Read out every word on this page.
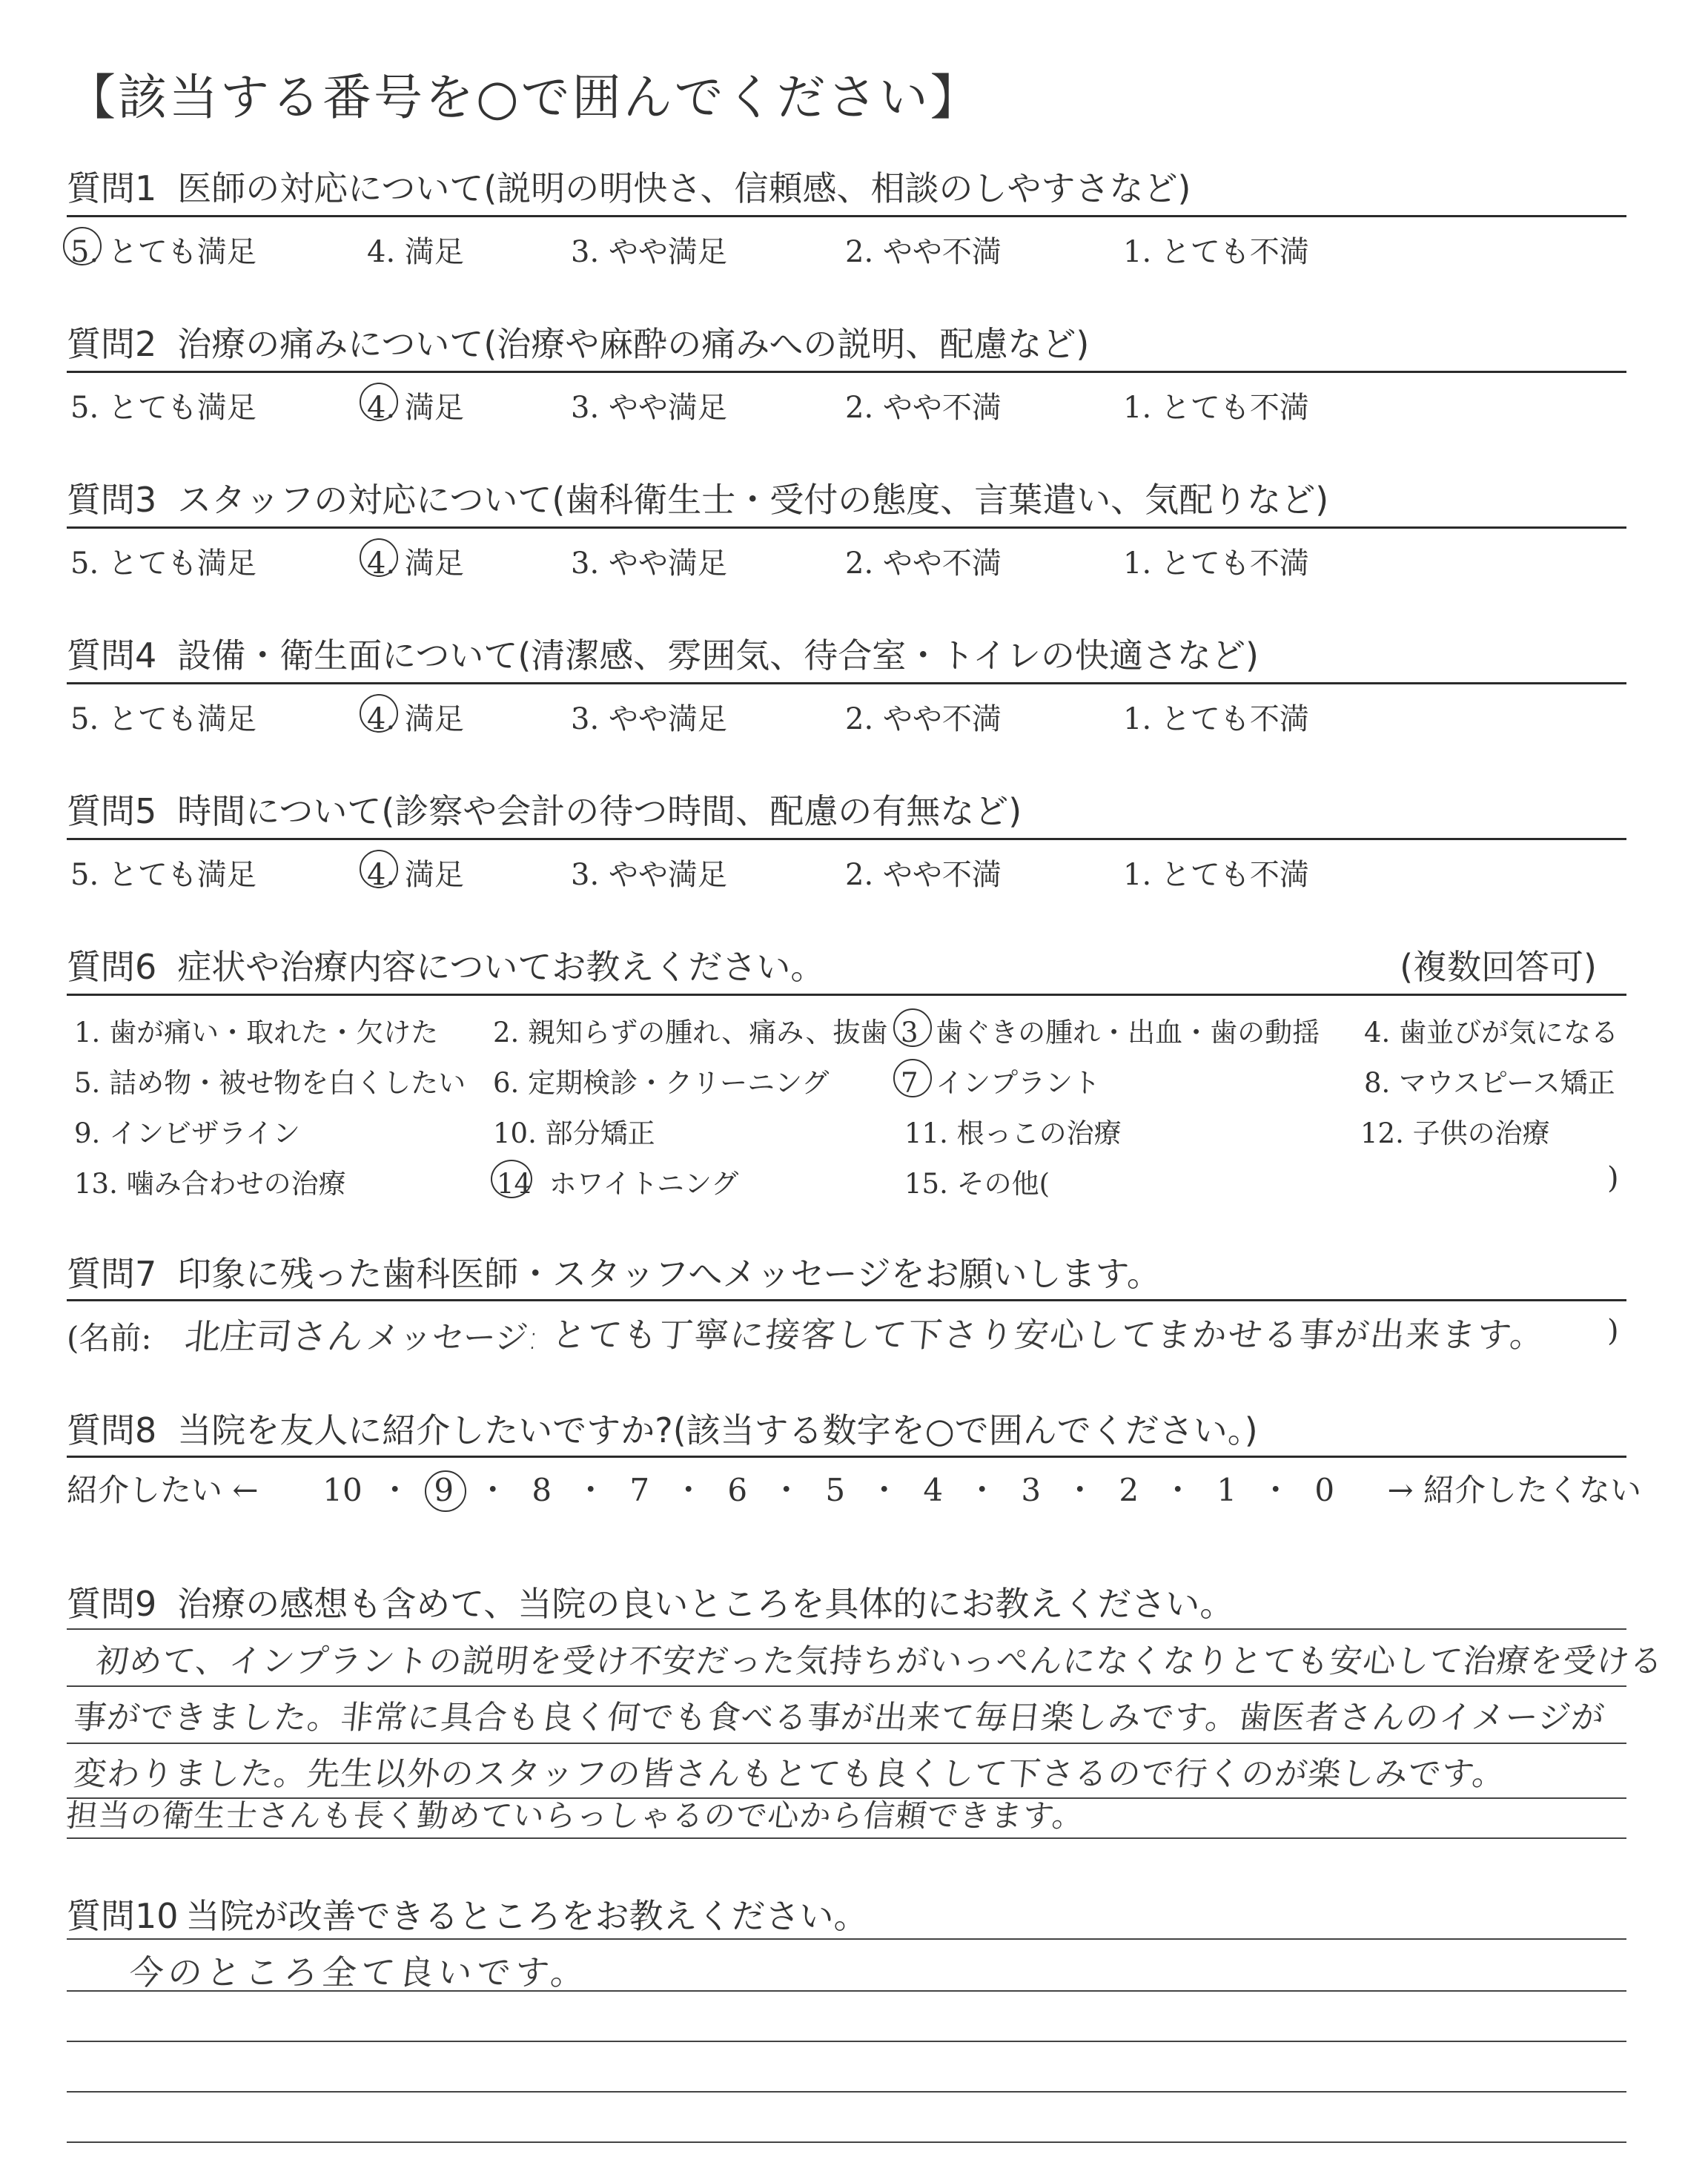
【該当する番号を○で囲んでください】
質問1 医師の対応について(説明の明快さ、信頼感、相談のしやすさなど)
5. とても満足	4. 満足	3. やや満足	2. やや不満	1. とても不満
質問2 治療の痛みについて(治療や麻酔の痛みへの説明、配慮など)
5. とても満足	4. 満足	3. やや満足	2. やや不満	1. とても不満
質問3 スタッフの対応について(歯科衛生士・受付の態度、言葉遣い、気配りなど)
5. とても満足	4. 満足	3. やや満足	2. やや不満	1. とても不満
質問4 設備・衛生面について(清潔感、雰囲気、待合室・トイレの快適さなど)
5. とても満足	4. 満足	3. やや満足	2. やや不満	1. とても不満
質問5 時間について(診察や会計の待つ時間、配慮の有無など)
5. とても満足	4. 満足	3. やや満足	2. やや不満	1. とても不満
質問6 症状や治療内容についてお教えください。	(複数回答可)
1. 歯が痛い・取れた・欠けた 2. 親知らずの腫れ、痛み、抜歯 3 歯ぐきの腫れ・出血・歯の動揺 4. 歯並びが気になる
5. 詰め物・被せ物を白くしたい 6. 定期検診・クリーニング	7 インプラント	8. マウスピース矯正
9. インビザライン	10. 部分矯正	11. 根っこの治療	12. 子供の治療
13. 噛み合わせの治療	14 ホワイトニング	15. その他(	)
質問7 印象に残った歯科医師・スタッフへメッセージをお願いします。
(名前: 北庄司さん メッセージ: とても丁寧に接客して下さり安心してまかせる事が出来ます。 )
質問8 当院を友人に紹介したいですか?(該当する数字を○で囲んでください。)
紹介したい ← 10 ・ 9 ・ 8 ・ 7 ・ 6 ・ 5 ・ 4 ・ 3 ・ 2 ・ 1 ・ 0 → 紹介したくない
質問9 治療の感想も含めて、当院の良いところを具体的にお教えください。
初めて、インプラントの説明を受け不安だった気持ちがいっぺんになくなりとても安心して治療を受ける
事ができました。非常に具合も良く何でも食べる事が出来て毎日楽しみです。歯医者さんのイメージが
変わりました。先生以外のスタッフの皆さんもとても良くして下さるので行くのが楽しみです。
担当の衛生士さんも長く勤めていらっしゃるので心から信頼できます。
質問10 当院が改善できるところをお教えください。
今のところ全て良いです。
